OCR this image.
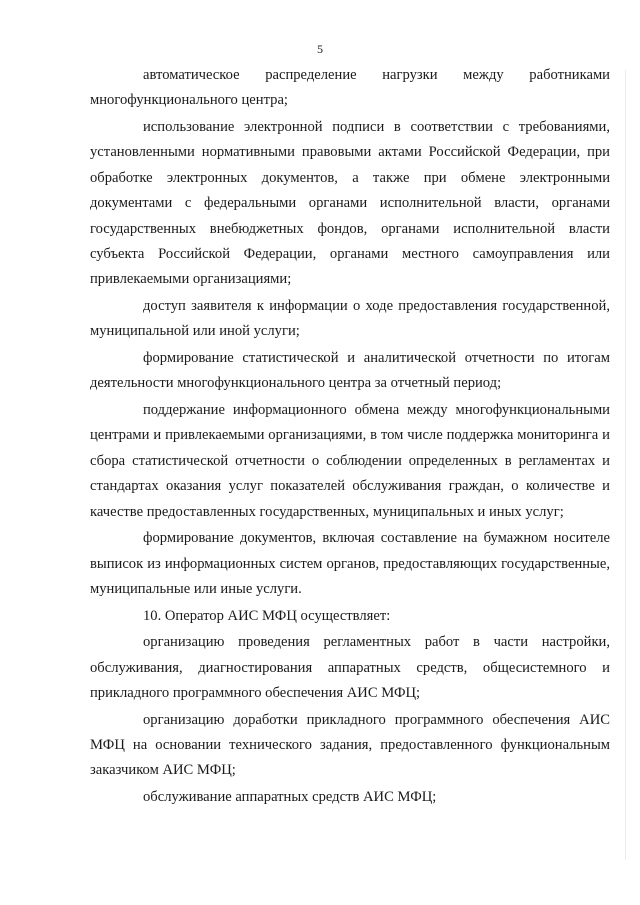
5

автоматическое распределение нагрузки между работниками многофункционального центра;

использование электронной подписи в соответствии с требованиями, установленными нормативными правовыми актами Российской Федерации, при обработке электронных документов, а также при обмене электронными документами с федеральными органами исполнительной власти, органами государственных внебюджетных фондов, органами исполнительной власти субъекта Российской Федерации, органами местного самоуправления или привлекаемыми организациями;

доступ заявителя к информации о ходе предоставления государственной, муниципальной или иной услуги;

формирование статистической и аналитической отчетности по итогам деятельности многофункционального центра за отчетный период;

поддержание информационного обмена между многофункциональными центрами и привлекаемыми организациями, в том числе поддержка мониторинга и сбора статистической отчетности о соблюдении определенных в регламентах и стандартах оказания услуг показателей обслуживания граждан, о количестве и качестве предоставленных государственных, муниципальных и иных услуг;

формирование документов, включая составление на бумажном носителе выписок из информационных систем органов, предоставляющих государственные, муниципальные или иные услуги.

10. Оператор АИС МФЦ осуществляет:

организацию проведения регламентных работ в части настройки, обслуживания, диагностирования аппаратных средств, общесистемного и прикладного программного обеспечения АИС МФЦ;

организацию доработки прикладного программного обеспечения АИС МФЦ на основании технического задания, предоставленного функциональным заказчиком АИС МФЦ;

обслуживание аппаратных средств АИС МФЦ;
